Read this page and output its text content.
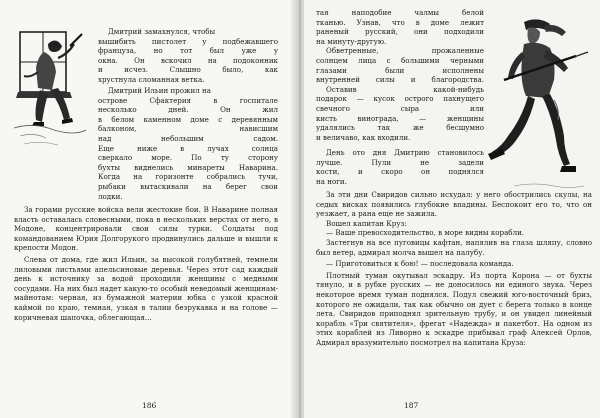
Дмитрий замахнулся, чтобы
вышибить пистолет у подбежавшего
француза, но тот был уже у
окна. Он вскочил на подоконник
и исчез. Слышно было, как
хрустнула сломанная ветка.
Дмитрий Ильин прожил на
острове Сфактерия в госпитале
несколько дней. Он жил
в белом каменном доме с деревянным
балконом, нависшим
над небольшим садом.
Еще ниже в лучах солнца
сверкало море. По ту сторону
бухты виднелись минареты Наварина.
Когда на горизонте собрались тучи,
рыбаки вытаскивали на берег свои
лодки.

За горами русские войска вели жестокие бои. В Наварине полная власть оставалась словесными, пока в нескольких верстах от него, в Модоне, концентрировали свои силы турки. Солдаты под командованием Юрия Долгорукого продвинулись дальше и вышли к крепости Модон.

Слева от дома, где жил Ильин, за высокой голубятней, темнели лиловыми листьями апельсиновые деревья. Через этот сад каждый день к источнику за водой проходили женщины с медными сосудами. На них был надет какую-то особый неведомый женщинам-майнотам: черная, из бумажной материи юбка с узкой красной каймой по краю, темная, узкая в талии безрукавка и на голове — коричневая шапочка, облегающая...

186
тая наподобие чалмы белой
тканью. Узнав, что в доме лежит
раненый русский, они подходили
на минуту-другую.
Обветренные, прожаленные
солнцем лица с большими черными
глазами были исполнены
внутренней силы и благородства.
Оставив какой-нибудь
подарок — кусок острого пахнущего
свечного сыра или
кисть винограда, — женщины
удалялись так же бесшумно
и величаво, как входили.
День ото дня Дмитрию становилось
лучше. Пули не задели
кости, и скоро он поднялся
на ноги.

За эти дни Свиридов сильно исхудал: у него обострились скулы, на седых висках появились глубокие впадины. Беспокоит его то, что он уезжает, а рана еще не зажила.

Вошел капитан Круз:

— Ваше превосходительство, в море видны корабли.

Застегнув на все пуговицы кафтан, напялив на глаза шляпу, словно был ветер, адмирал молча вышел на палубу.

— Приготовиться к бою! — последовала команда.

Плотный туман окутывал эскадру. Из порта Корона — от бухты тянуло, и в рубке русских — не доносилось ни единого звука. Через некоторое время туман поднялся. Подул свежий юго-восточный бриз, которого не ожидали, так как обычно он дует с берега только в конце лета. Свиридов приподнял зрительную трубу, и он увидел линейный корабль «Три святителя», фрегат «Надежда» и пакетбот. На одном из этих кораблей из Ливорно к эскадре прибывал граф Алексей Орлов, Адмирал вразумительно посмотрел на капитана Круза:

187
